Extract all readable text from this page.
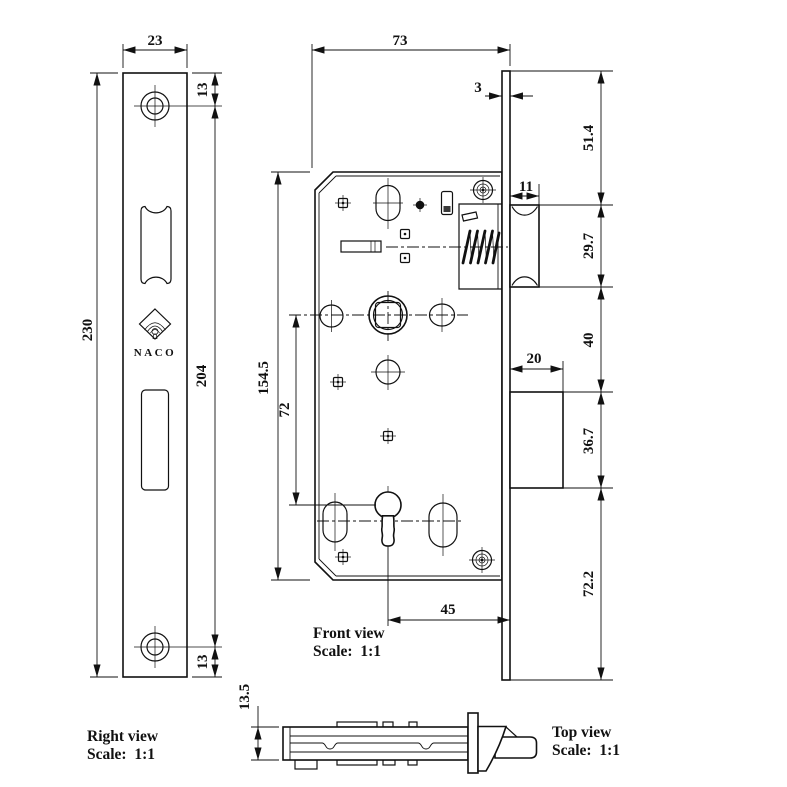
NACO
23
230
13
204
13
Right view
Scale:  1:1
73
3
11
51.4
29.7
40
36.7
72.2
20
154.5
72
45
Front view
Scale:  1:1
13.5
Top view
Scale:  1:1
